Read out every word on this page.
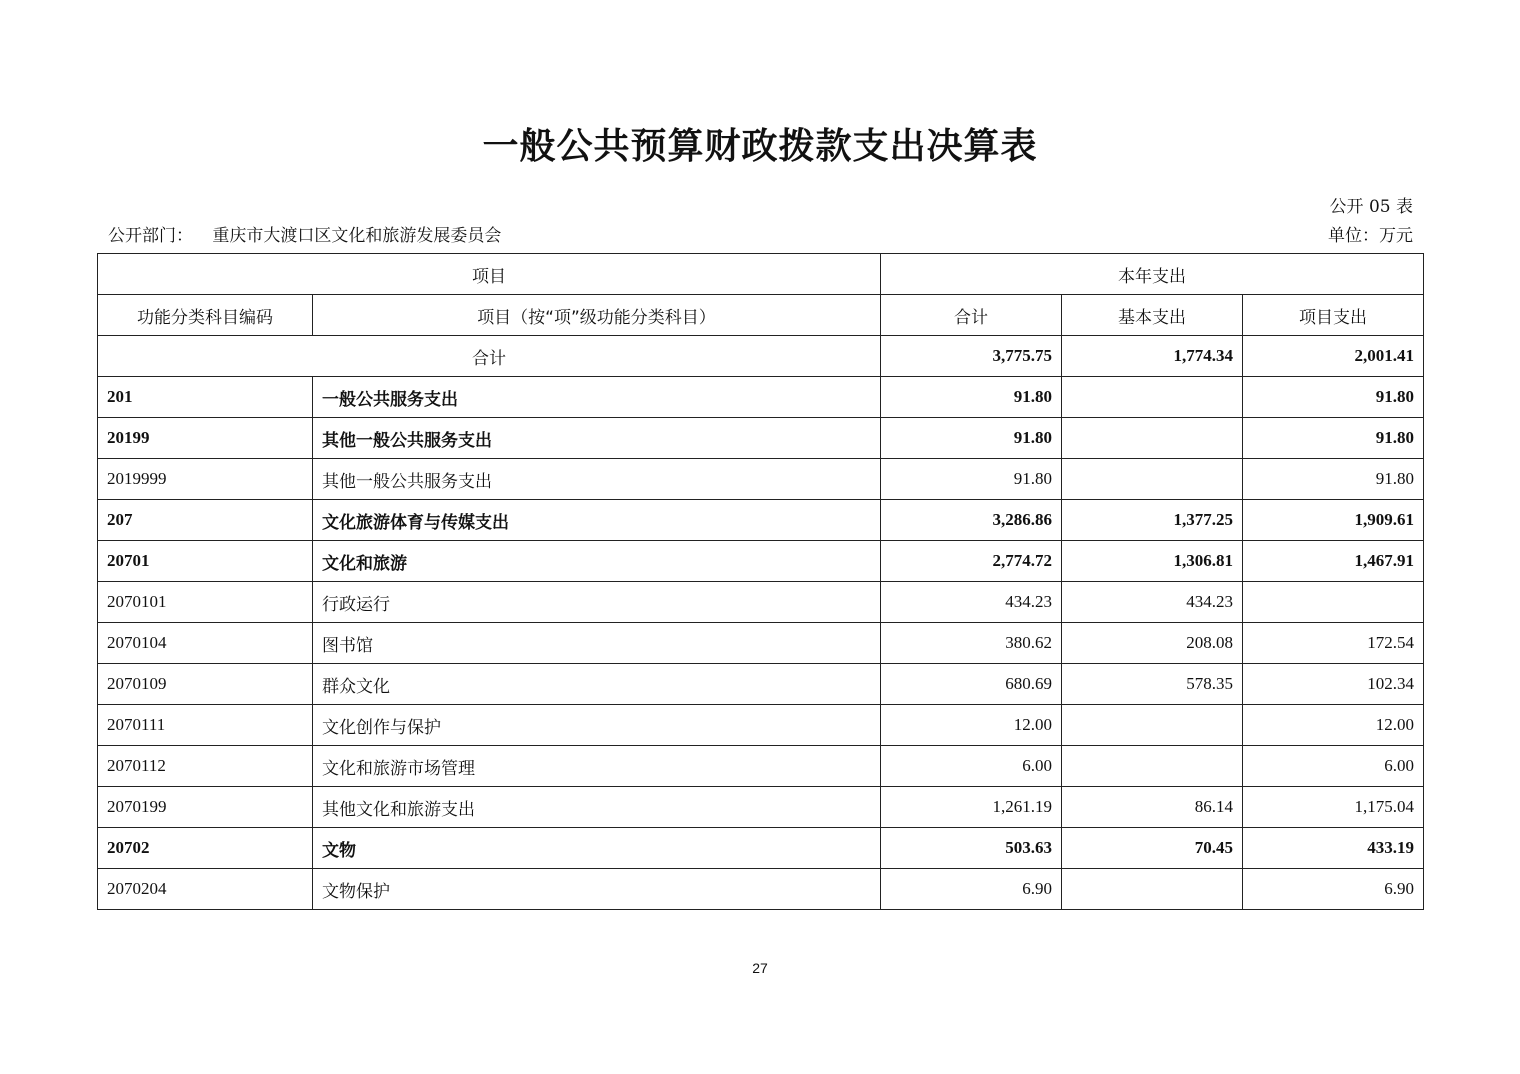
一般公共预算财政拨款支出决算表
公开 05 表
公开部门： 重庆市大渡口区文化和旅游发展委员会	单位：万元
项目		本年支出		
功能分类科目编码	项目（按“项”级功能分类科目）	合计	基本支出	项目支出
合计		3,775.75	1,774.34	2,001.41
201	一般公共服务支出	91.80		91.80
20199	其他一般公共服务支出	91.80		91.80
2019999	其他一般公共服务支出	91.80		91.80
207	文化旅游体育与传媒支出	3,286.86	1,377.25	1,909.61
20701	文化和旅游	2,774.72	1,306.81	1,467.91
2070101	行政运行	434.23	434.23	
2070104	图书馆	380.62	208.08	172.54
2070109	群众文化	680.69	578.35	102.34
2070111	文化创作与保护	12.00		12.00
2070112	文化和旅游市场管理	6.00		6.00
2070199	其他文化和旅游支出	1,261.19	86.14	1,175.04
20702	文物	503.63	70.45	433.19
2070204	文物保护	6.90		6.90
27
